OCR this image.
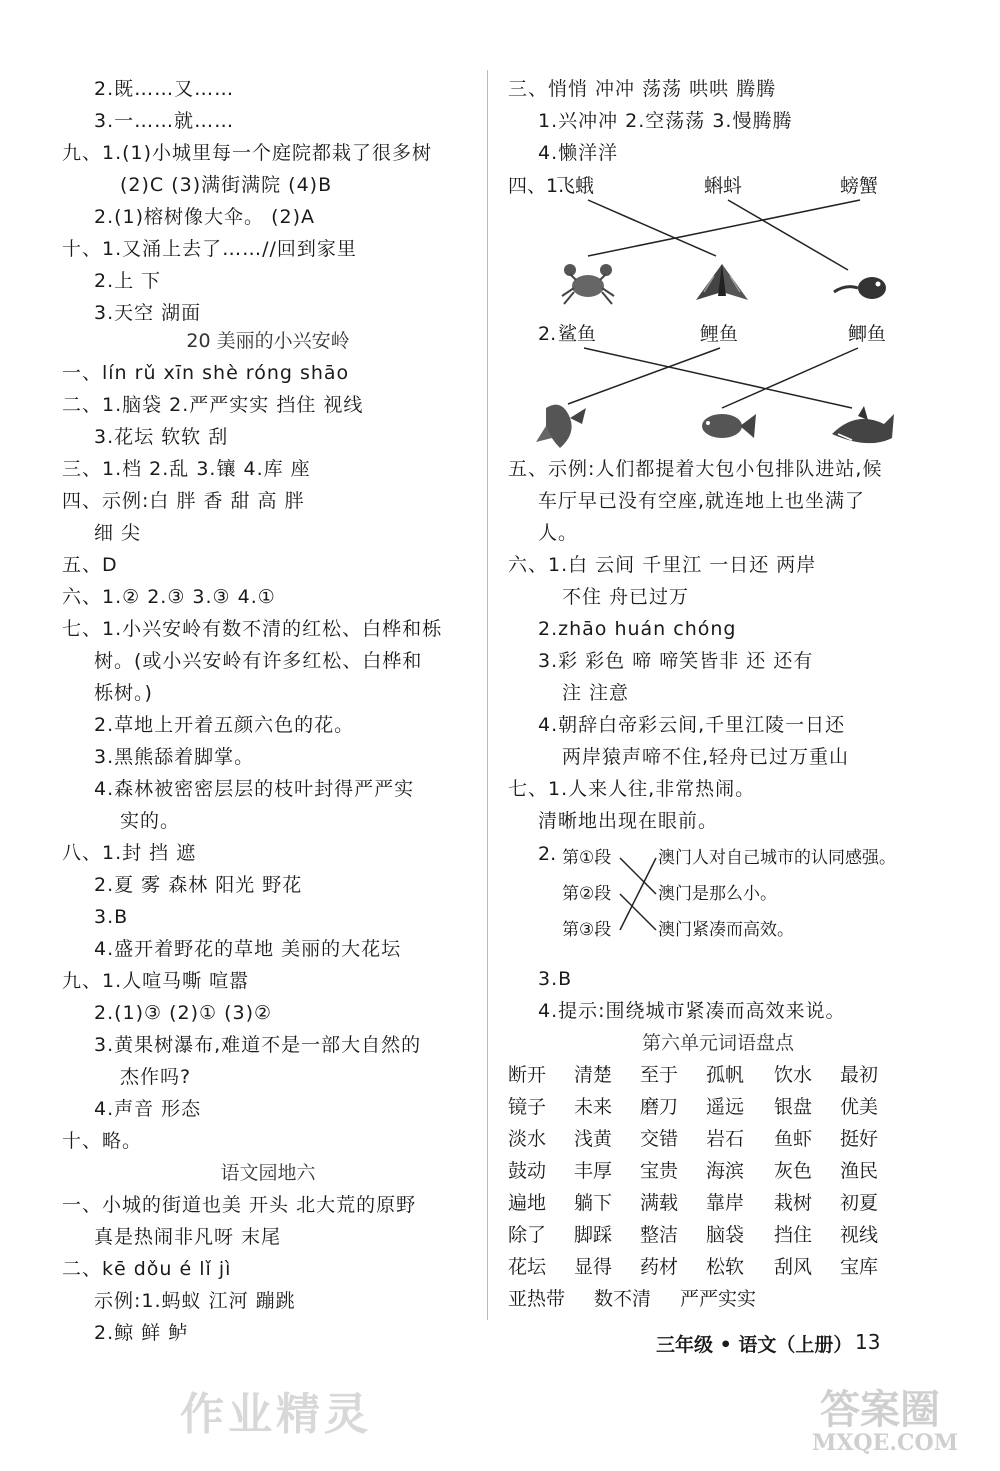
2.既……又……
3.一……就……
九、1.(1)小城里每一个庭院都栽了很多树
(2)C (3)满街满院 (4)B
2.(1)榕树像大伞。 (2)A
十、1.又涌上去了……//回到家里
2.上 下
3.天空 湖面
20 美丽的小兴安岭
一、lín rǔ xīn shè róng shāo
二、1.脑袋 2.严严实实 挡住 视线
3.花坛 软软 刮
三、1.档 2.乱 3.镶 4.库 座
四、示例:白 胖 香 甜 高 胖
细 尖
五、D
六、1.② 2.③ 3.③ 4.①
七、1.小兴安岭有数不清的红松、白桦和栎
树。(或小兴安岭有许多红松、白桦和
栎树。)
2.草地上开着五颜六色的花。
3.黑熊舔着脚掌。
4.森林被密密层层的枝叶封得严严实
实的。
八、1.封 挡 遮
2.夏 雾 森林 阳光 野花
3.B
4.盛开着野花的草地 美丽的大花坛
九、1.人喧马嘶 喧嚣
2.(1)③ (2)① (3)②
3.黄果树瀑布,难道不是一部大自然的
杰作吗?
4.声音 形态
十、略。
语文园地六
一、小城的街道也美 开头 北大荒的原野
真是热闹非凡呀 末尾
二、kē dǒu é lǐ jì
示例:1.蚂蚁 江河 蹦跳
2.鲸 鲜 鲈
三、悄悄 冲冲 荡荡 哄哄 腾腾
1.兴冲冲 2.空荡荡 3.慢腾腾
4.懒洋洋
四、1.
飞蛾	蝌蚪	螃蟹
2. 鲨鱼	鲤鱼	鲫鱼
五、示例:人们都提着大包小包排队进站,候
车厅早已没有空座,就连地上也坐满了
人。
六、1.白 云间 千里江 一日还 两岸
不住 舟已过万
2.zhāo huán chóng
3.彩 彩色 啼 啼笑皆非 还 还有
注 注意
4.朝辞白帝彩云间,千里江陵一日还
两岸猿声啼不住,轻舟已过万重山
七、1.人来人往,非常热闹。
清晰地出现在眼前。
2. 第①段
第②段
第③段
澳门人对自己城市的认同感强。
澳门是那么小。
澳门紧凑而高效。
3.B
4.提示:围绕城市紧凑而高效来说。
第六单元词语盘点
断开 清楚 至于 孤帆 饮水 最初
镜子 未来 磨刀 遥远 银盘 优美
淡水 浅黄 交错 岩石 鱼虾 挺好
鼓动 丰厚 宝贵 海滨 灰色 渔民
遍地 躺下 满载 靠岸 栽树 初夏
除了 脚踩 整洁 脑袋 挡住 视线
花坛 显得 药材 松软 刮风 宝库
亚热带 数不清 严严实实
作业精灵	答案圈
MXQE.COM
三年级 • 语文（上册） 13
